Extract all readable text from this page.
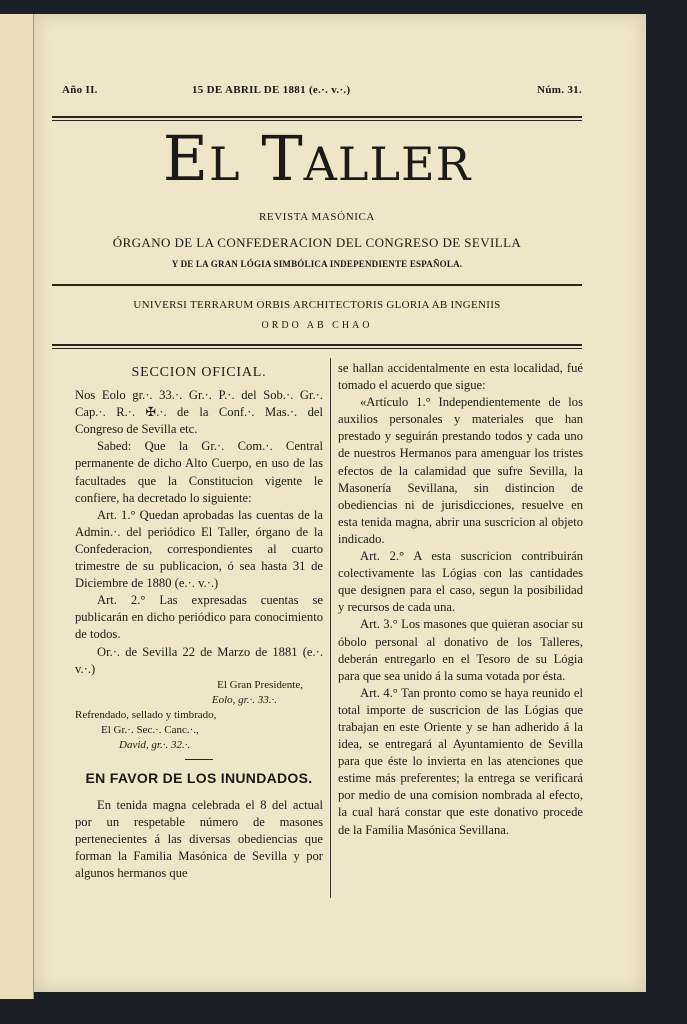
Año II.	15 DE ABRIL DE 1881 (e.·. v.·.)	Núm. 31.
EL TALLER
REVISTA MASÓNICA
ÓRGANO DE LA CONFEDERACION DEL CONGRESO DE SEVILLA
Y DE LA GRAN LÓGIA SIMBÓLICA INDEPENDIENTE ESPAÑOLA.
UNIVERSI TERRARUM ORBIS ARCHITECTORIS GLORIA AB INGENIIS
ORDO AB CHAO
SECCION OFICIAL.

Nos Eolo gr.·. 33.·. Gr.·. P.·. del Sob.·. Gr.·. Cap.·. R.·. ✠.·. de la Conf.·. Mas.·. del Congreso de Sevilla etc.

Sabed: Que la Gr.·. Com.·. Central permanente de dicho Alto Cuerpo, en uso de las facultades que la Constitucion vigente le confiere, ha decretado lo siguiente:

Art. 1.° Quedan aprobadas las cuentas de la Admin.·. del periódico El Taller, órgano de la Confederacion, correspondientes al cuarto trimestre de su publicacion, ó sea hasta 31 de Diciembre de 1880 (e.·. v.·.)

Art. 2.° Las expresadas cuentas se publicarán en dicho periódico para conocimiento de todos.

Or.·. de Sevilla 22 de Marzo de 1881 (e.·. v.·.)

El Gran Presidente,
Eolo, gr.·. 33.·.
Refrendado, sellado y timbrado,
El Gr.·. Sec.·. Canc.·.,
David, gr.·. 32.·.
EN FAVOR DE LOS INUNDADOS.

En tenida magna celebrada el 8 del actual por un respetable número de masones pertenecientes á las diversas obediencias que forman la Familia Masónica de Sevilla y por algunos hermanos que

se hallan accidentalmente en esta localidad, fué tomado el acuerdo que sigue:

«Artículo 1.° Independientemente de los auxilios personales y materiales que han prestado y seguirán prestando todos y cada uno de nuestros Hermanos para amenguar los tristes efectos de la calamidad que sufre Sevilla, la Masonería Sevillana, sin distincion de obediencias ni de jurisdicciones, resuelve en esta tenida magna, abrir una suscricion al objeto indicado.

Art. 2.° A esta suscricion contribuirán colectivamente las Lógias con las cantidades que designen para el caso, segun la posibilidad y recursos de cada una.

Art. 3.° Los masones que quieran asociar su óbolo personal al donativo de los Talleres, deberán entregarlo en el Tesoro de su Lógia para que sea unido á la suma votada por ésta.

Art. 4.° Tan pronto como se haya reunido el total importe de suscricion de las Lógias que trabajan en este Oriente y se han adherido á la idea, se entregará al Ayuntamiento de Sevilla para que éste lo invierta en las atenciones que estime más preferentes; la entrega se verificará por medio de una comision nombrada al efecto, la cual hará constar que este donativo procede de la Familia Masónica Sevillana.
